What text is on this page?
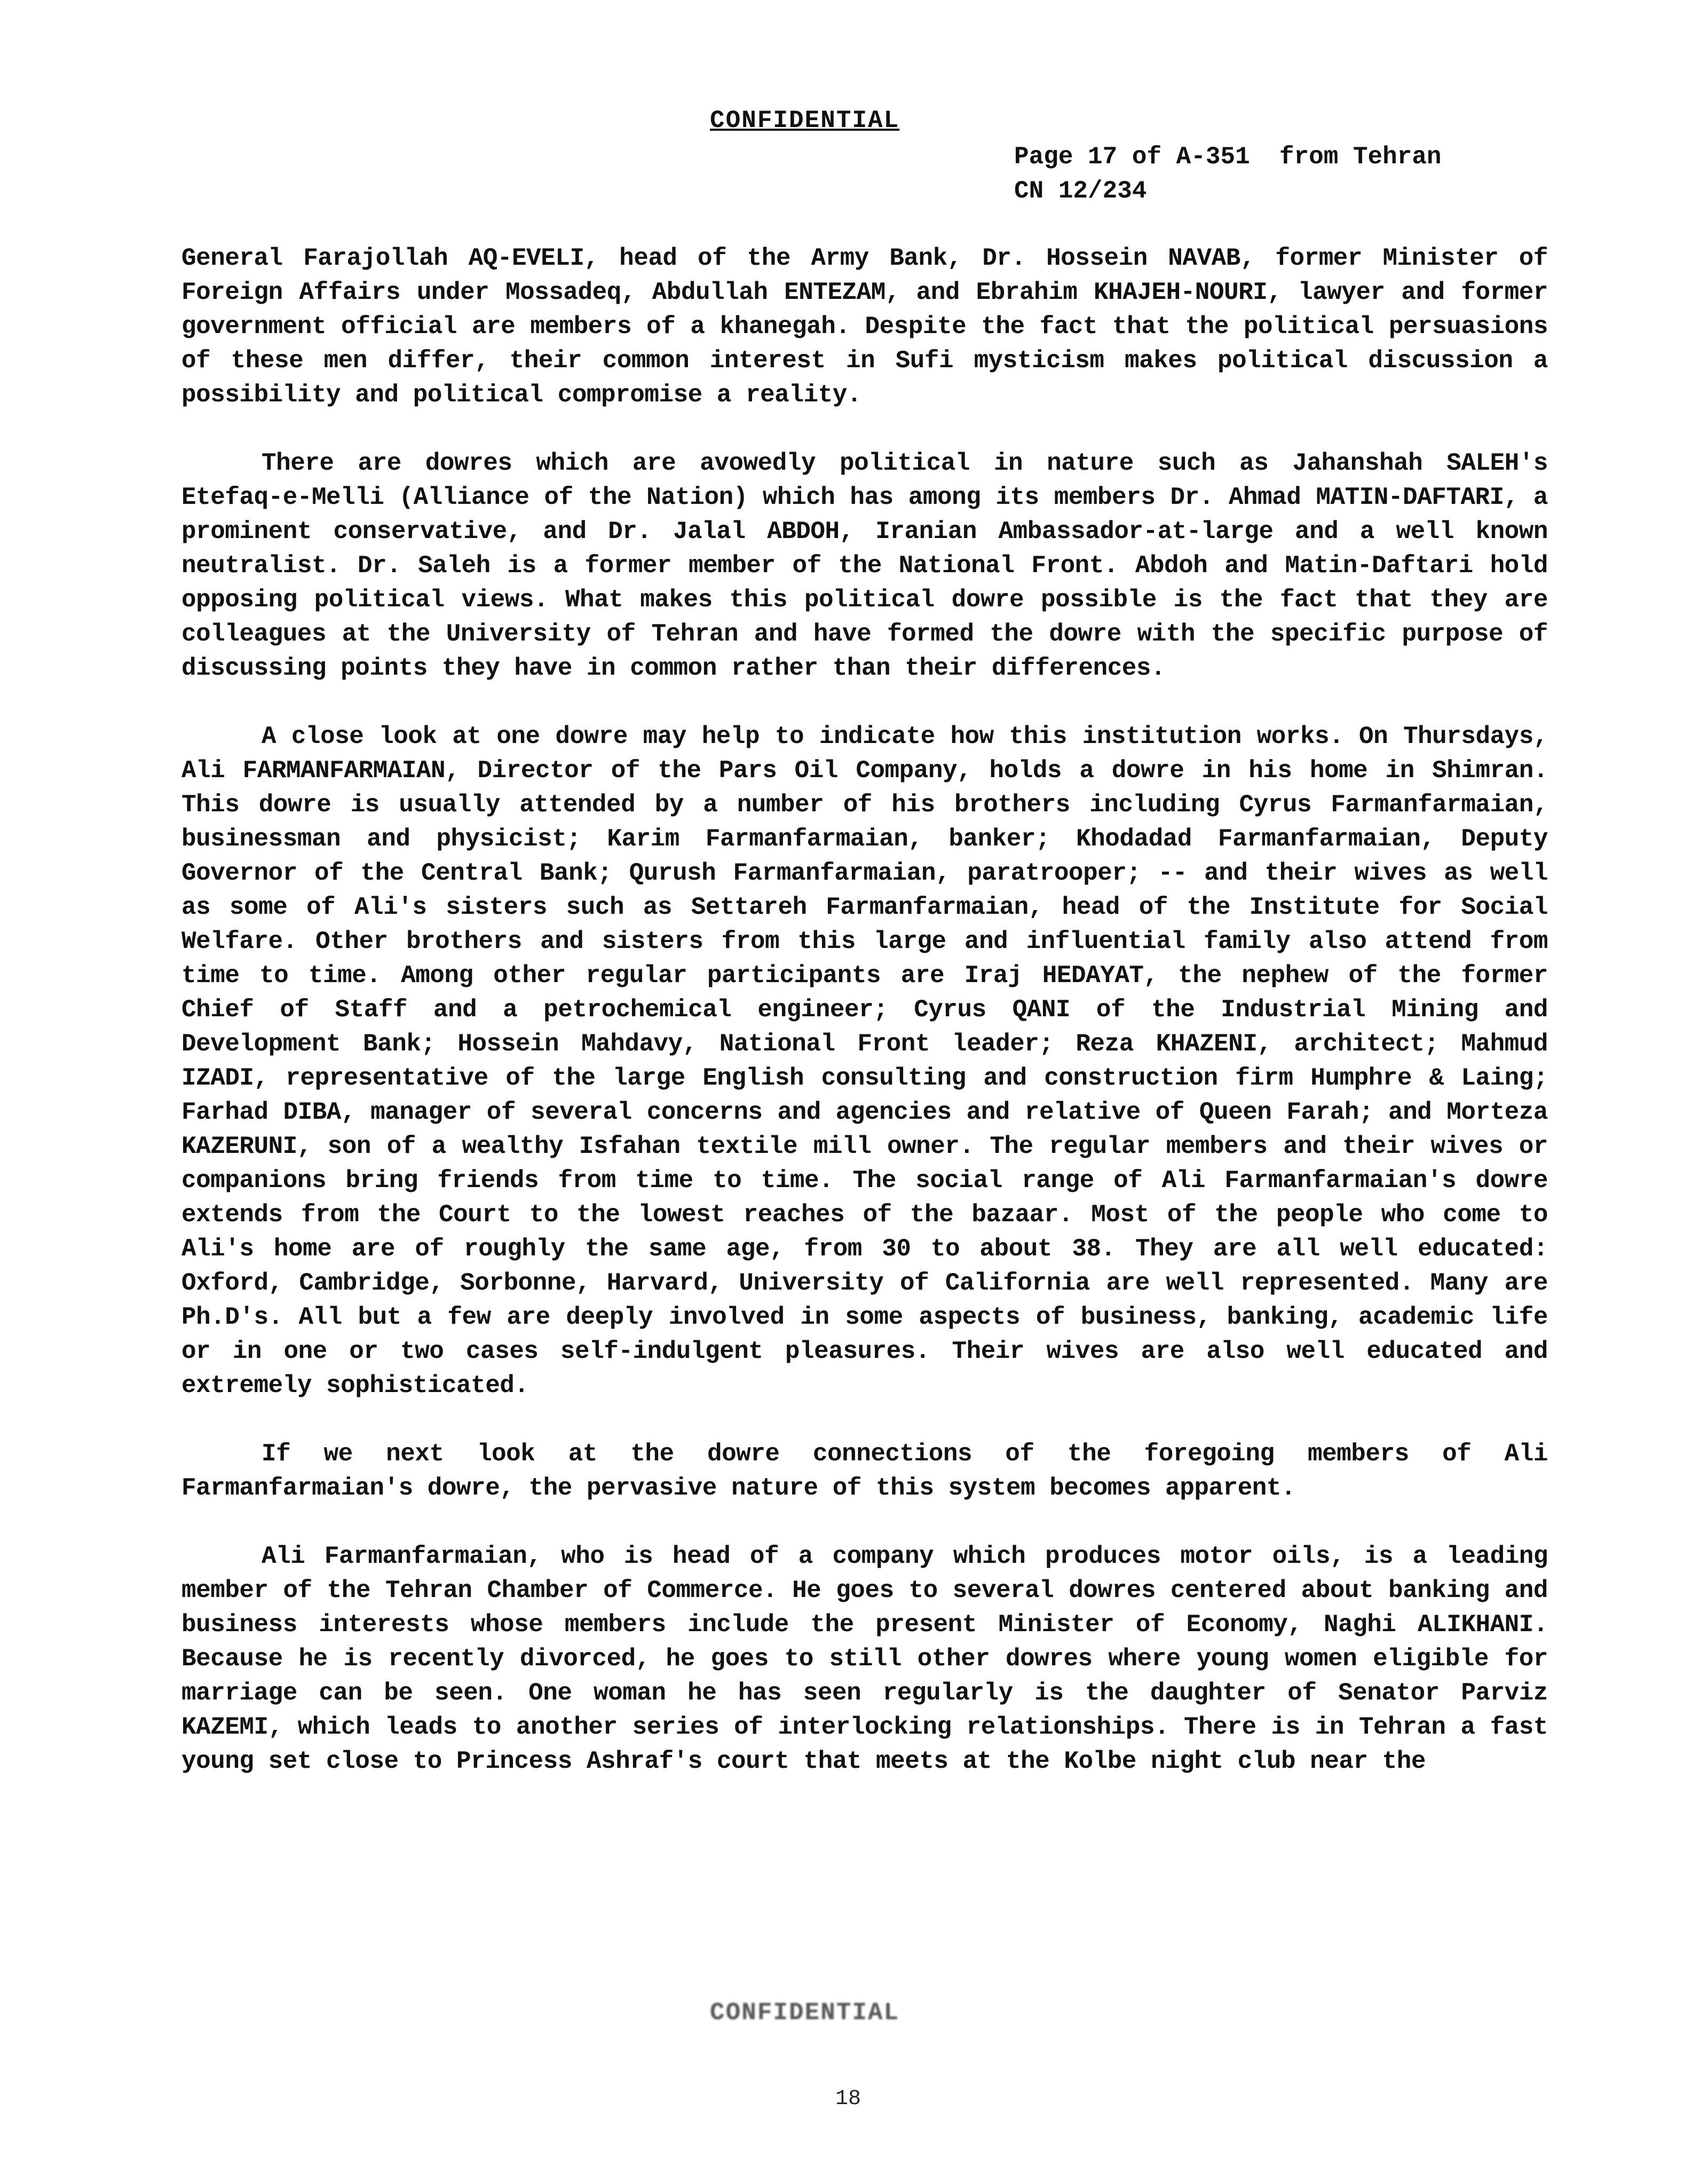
CONFIDENTIAL
Page 17 of A-351  from Tehran
CN 12/234

General Farajollah AQ-EVELI, head of the Army Bank, Dr. Hossein NAVAB, former Minister of Foreign Affairs under Mossadeq, Abdullah ENTEZAM, and Ebrahim KHAJEH-NOURI, lawyer and former government official are members of a khanegah. Despite the fact that the political persuasions of these men differ, their common interest in Sufi mysticism makes political discussion a possibility and political compromise a reality.

There are dowres which are avowedly political in nature such as Jahanshah SALEH's Etefaq-e-Melli (Alliance of the Nation) which has among its members Dr. Ahmad MATIN-DAFTARI, a prominent conservative, and Dr. Jalal ABDOH, Iranian Ambassador-at-large and a well known neutralist. Dr. Saleh is a former member of the National Front. Abdoh and Matin-Daftari hold opposing political views. What makes this political dowre possible is the fact that they are colleagues at the University of Tehran and have formed the dowre with the specific purpose of discussing points they have in common rather than their differences.

A close look at one dowre may help to indicate how this institution works. On Thursdays, Ali FARMANFARMAIAN, Director of the Pars Oil Company, holds a dowre in his home in Shimran. This dowre is usually attended by a number of his brothers including Cyrus Farmanfarmaian, businessman and physicist; Karim Farmanfarmaian, banker; Khodadad Farmanfarmaian, Deputy Governor of the Central Bank; Qurush Farmanfarmaian, paratrooper; -- and their wives as well as some of Ali's sisters such as Settareh Farmanfarmaian, head of the Institute for Social Welfare. Other brothers and sisters from this large and influential family also attend from time to time. Among other regular participants are Iraj HEDAYAT, the nephew of the former Chief of Staff and a petrochemical engineer; Cyrus QANI of the Industrial Mining and Development Bank; Hossein Mahdavy, National Front leader; Reza KHAZENI, architect; Mahmud IZADI, representative of the large English consulting and construction firm Humphre & Laing; Farhad DIBA, manager of several concerns and agencies and relative of Queen Farah; and Morteza KAZERUNI, son of a wealthy Isfahan textile mill owner. The regular members and their wives or companions bring friends from time to time. The social range of Ali Farmanfarmaian's dowre extends from the Court to the lowest reaches of the bazaar. Most of the people who come to Ali's home are of roughly the same age, from 30 to about 38. They are all well educated: Oxford, Cambridge, Sorbonne, Harvard, University of California are well represented. Many are Ph.D's. All but a few are deeply involved in some aspects of business, banking, academic life or in one or two cases self-indulgent pleasures. Their wives are also well educated and extremely sophisticated.

If we next look at the dowre connections of the foregoing members of Ali Farmanfarmaian's dowre, the pervasive nature of this system becomes apparent.

Ali Farmanfarmaian, who is head of a company which produces motor oils, is a leading member of the Tehran Chamber of Commerce. He goes to several dowres centered about banking and business interests whose members include the present Minister of Economy, Naghi ALIKHANI. Because he is recently divorced, he goes to still other dowres where young women eligible for marriage can be seen. One woman he has seen regularly is the daughter of Senator Parviz KAZEMI, which leads to another series of interlocking relationships. There is in Tehran a fast young set close to Princess Ashraf's court that meets at the Kolbe night club near the

CONFIDENTIAL
18
